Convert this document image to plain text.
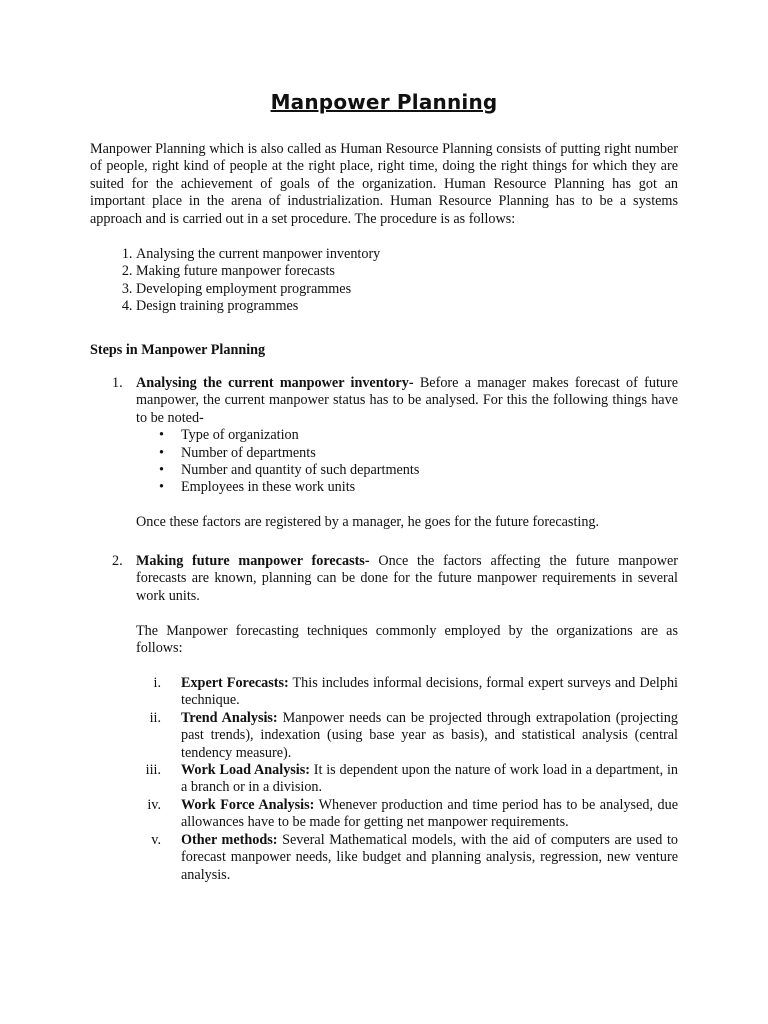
Manpower Planning

Manpower Planning which is also called as Human Resource Planning consists of putting right number of people, right kind of people at the right place, right time, doing the right things for which they are suited for the achievement of goals of the organization. Human Resource Planning has got an important place in the arena of industrialization. Human Resource Planning has to be a systems approach and is carried out in a set procedure. The procedure is as follows:

1. Analysing the current manpower inventory
2. Making future manpower forecasts
3. Developing employment programmes
4. Design training programmes
Steps in Manpower Planning
1. Analysing the current manpower inventory- Before a manager makes forecast of future manpower, the current manpower status has to be analysed. For this the following things have to be noted-

• Type of organization
• Number of departments
• Number and quantity of such departments
• Employees in these work units

Once these factors are registered by a manager, he goes for the future forecasting.

2. Making future manpower forecasts- Once the factors affecting the future manpower forecasts are known, planning can be done for the future manpower requirements in several work units.

The Manpower forecasting techniques commonly employed by the organizations are as follows:

i. Expert Forecasts: This includes informal decisions, formal expert surveys and Delphi technique.
ii. Trend Analysis: Manpower needs can be projected through extrapolation (projecting past trends), indexation (using base year as basis), and statistical analysis (central tendency measure).
iii. Work Load Analysis: It is dependent upon the nature of work load in a department, in a branch or in a division.
iv. Work Force Analysis: Whenever production and time period has to be analysed, due allowances have to be made for getting net manpower requirements.
v. Other methods: Several Mathematical models, with the aid of computers are used to forecast manpower needs, like budget and planning analysis, regression, new venture analysis.
